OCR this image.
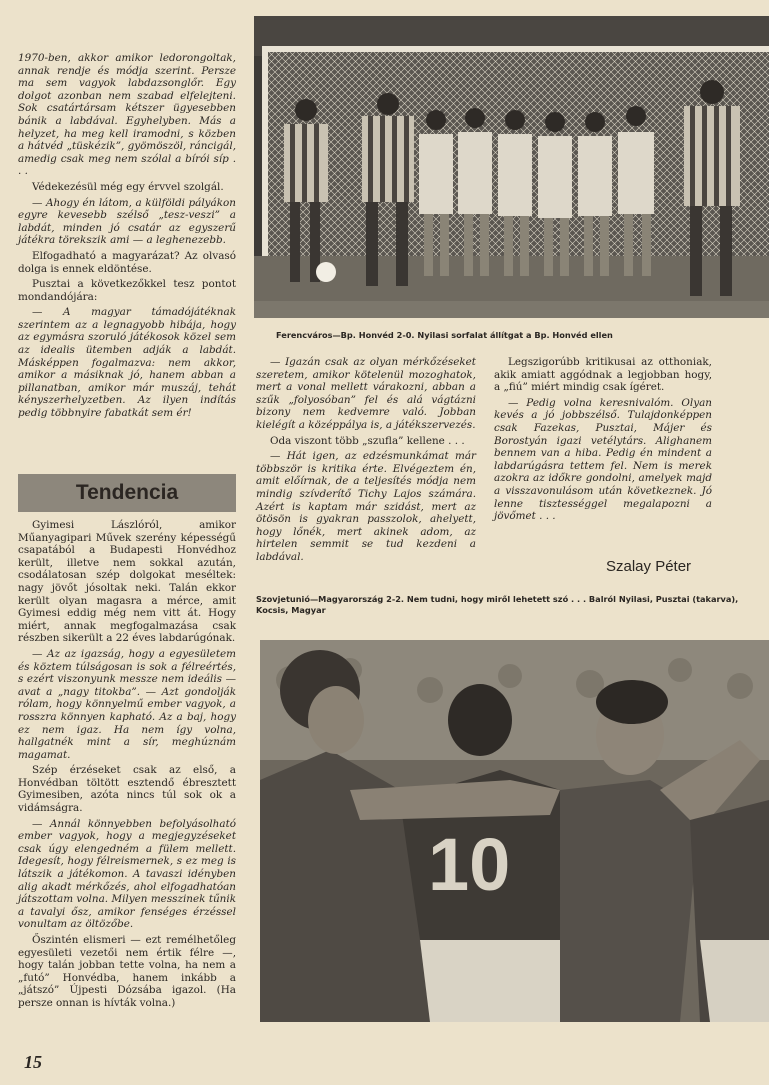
1970-ben, akkor amikor ledorongoltak, annak rendje és módja szerint. Persze ma sem vagyok labdazsonglőr. Egy dolgot azonban nem szabad elfelejteni. Sok csatártársam kétszer ügyesebben bánik a labdával. Egyhelyben. Más a helyzet, ha meg kell iramodni, s közben a hátvéd „tüskézik”, gyömöszöl, ráncigál, amedig csak meg nem szólal a bírói síp . . .

Védekezésül még egy érvvel szolgál.

— Ahogy én látom, a külföldi pályákon egyre kevesebb szélső „tesz-veszi” a labdát, minden jó csatár az egyszerű játékra törekszik ami — a leghenezebb.

Elfogadható a magyarázat? Az olvasó dolga is ennek eldöntése.

Pusztai a következőkkel tesz pontot mondandójára:

— A magyar támadójátéknak szerintem az a legnagyobb hibája, hogy az egymásra szoruló játékosok közel sem az idealis ütemben adják a labdát. Másképpen fogalmazva: nem akkor, amikor a másiknak jó, hanem abban a pillanatban, amikor már muszáj, tehát kényszerhelyzetben. Az ilyen indítás pedig többnyire fabatkát sem ér!

Tendencia

Gyimesi Lászlóról, amikor Műanyagipari Művek szerény képességű csapatából a Budapesti Honvédhoz került, illetve nem sokkal azután, csodálatosan szép dolgokat meséltek: nagy jövőt jósoltak neki. Talán ekkor került olyan magasra a mérce, amit Gyimesi eddig még nem vitt át. Hogy miért, annak megfogalmazása csak részben sikerült a 22 éves labdarúgónak.

— Az az igazság, hogy a egyesületem és köztem túlságosan is sok a félreértés, s ezért viszonyunk messze nem ideális — avat a „nagy titokba”. — Azt gondolják rólam, hogy könnyelmű ember vagyok, a rosszra könnyen kapható. Az a baj, hogy ez nem igaz. Ha nem így volna, hallgatnék mint a sír, meghúznám magamat.

Szép érzéseket csak az első, a Honvédban töltött esztendő ébresztett Gyimesiben, azóta nincs túl sok ok a vidámságra.

— Annál könnyebben befolyásolható ember vagyok, hogy a megjegyzéseket csak úgy elengedném a fülem mellett. Idegesít, hogy félreismernek, s ez meg is látszik a játékomon. A tavaszi idényben alig akadt mérkőzés, ahol elfogadhatóan játszottam volna. Milyen messzinek tűnik a tavalyi ősz, amikor fenséges érzéssel vonultam az öltözőbe.

Őszintén elismeri — ezt remélhetőleg egyesületi vezetői nem értik félre —, hogy talán jobban tette volna, ha nem a „futó” Honvédba, hanem inkább a „játszó” Újpesti Dózsába igazol. (Ha persze onnan is hívták volna.)

Ferencváros—Bp. Honvéd 2-0. Nyilasi sorfalat állítgat a Bp. Honvéd ellen

— Igazán csak az olyan mérkőzéseket szeretem, amikor kötelenül mozoghatok, mert a vonal mellett várakozni, abban a szűk „folyosóban” fel és alá vágtázni bizony nem kedvemre való. Jobban kielégít a középpálya is, a játékszervezés.

Oda viszont több „szufla” kellene . . .

— Hát igen, az edzésmunkámat már többször is kritika érte. Elvégeztem én, amit előírnak, de a teljesítés módja nem mindig szívderítő Tichy Lajos számára. Azért is kaptam már szidást, mert az ötösön is gyakran passzolok, ahelyett, hogy lőnék, mert akinek adom, az hirtelen semmit se tud kezdeni a labdával.

Legszigorúbb kritikusai az otthoniak, akik amiatt aggódnak a legjobban hogy, a „fiú” miért mindig csak ígéret.

— Pedig volna keresnivalóm. Olyan kevés a jó jobbszélső. Tulajdonképpen csak Fazekas, Pusztai, Májer és Borostyán igazi vetélytárs. Alighanem bennem van a hiba. Pedig én mindent a labdarúgásra tettem fel. Nem is merek azokra az időkre gondolni, amelyek majd a visszavonulásom után következnek. Jó lenne tisztességgel megalapozni a jövőmet . . .

Szalay Péter
Szovjetunió—Magyarország 2-2. Nem tudni, hogy miről lehetett szó . . . Balról Nyilasi, Pusztai (takarva), Kocsis, Magyar
10
15
